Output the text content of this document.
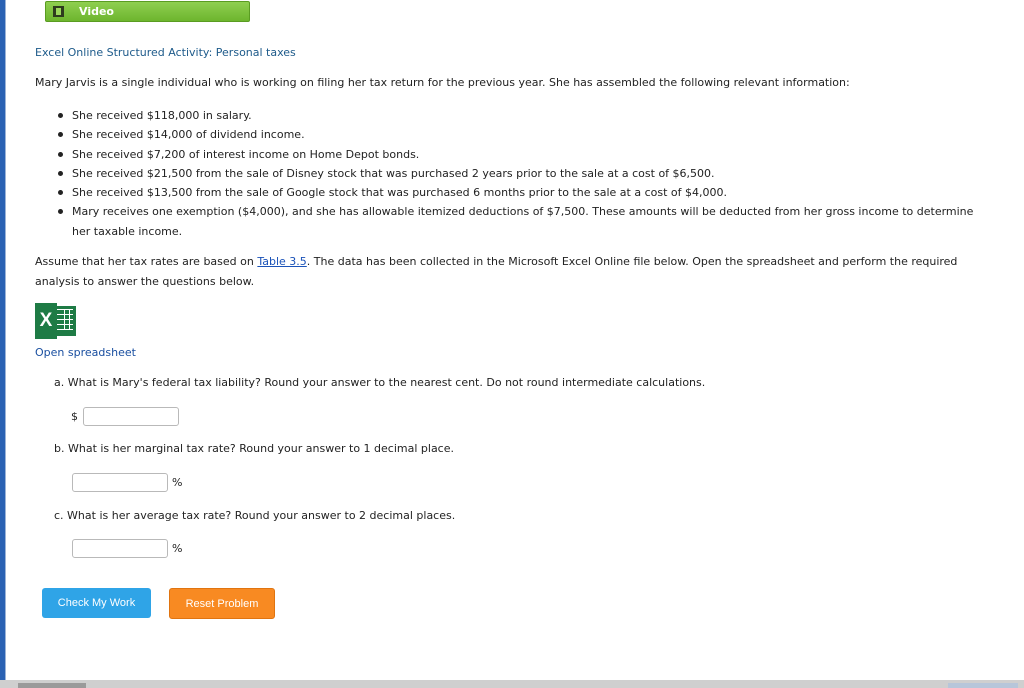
Video
Excel Online Structured Activity: Personal taxes
Mary Jarvis is a single individual who is working on filing her tax return for the previous year. She has assembled the following relevant information:
She received $118,000 in salary.
She received $14,000 of dividend income.
She received $7,200 of interest income on Home Depot bonds.
She received $21,500 from the sale of Disney stock that was purchased 2 years prior to the sale at a cost of $6,500.
She received $13,500 from the sale of Google stock that was purchased 6 months prior to the sale at a cost of $4,000.
Mary receives one exemption ($4,000), and she has allowable itemized deductions of $7,500. These amounts will be deducted from her gross income to determine her taxable income.
Assume that her tax rates are based on Table 3.5. The data has been collected in the Microsoft Excel Online file below. Open the spreadsheet and perform the required analysis to answer the questions below.
X
Open spreadsheet
a. What is Mary's federal tax liability? Round your answer to the nearest cent. Do not round intermediate calculations.
$
b. What is her marginal tax rate? Round your answer to 1 decimal place.
%
c. What is her average tax rate? Round your answer to 2 decimal places.
%
Check My Work	Reset Problem
